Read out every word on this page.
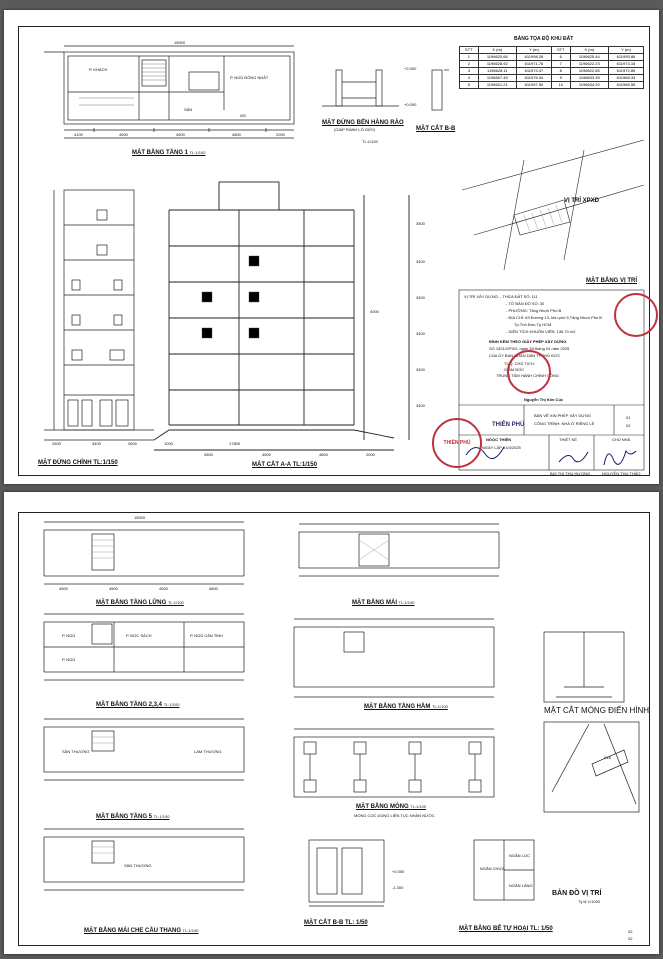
18300
P. KHÁCH
P. NGỦ ĐÔNG NHẤT
SÂN
WC
4100	4500	4500	4800	2000
MẶT BẰNG TẦNG 1 TL:1/100
+2.000
+0.000
MẶT ĐỨNG BẾN HÀNG RÀO
(GIÁP RANH LỘ GIỚI)
TL:1/100
MẶT CẮT B-B
3500
3400
3400
3400
3400
3400
4000
1000	17800
4500	4500	4800	2000
2600	3400	2600
MẶT ĐỨNG CHÍNH TL:1/150	MẶT CẮT A-A TL:1/150
BẢNG TỌA ĐỘ KHU ĐẤT
STT	X (m)	Y (m)	STT	X (m)	Y (m)
1	1196620.66	611998.28	6	1196625.44	611995.86
2	1196628.92	611971.76	7	1196622.23	611973.18
3	1196628.11	611974.47	8	1196622.65	611972.85
4	1196657.49	611976.54	9	1196633.39	611968.33
5	1196621.21	611997.50	10	1196634.20	611966.55
VỊ TRÍ XPXD
MẶT BẰNG VỊ TRÍ
VỊ TRÍ XÂY DỰNG: - THỬA ĐẤT SỐ: 111
- TỜ BẢN ĐỒ SỐ: 30
- PHƯỜNG: Tăng Nhơn Phú B
- ĐỊA CHỈ: 63 Đường 13, khu phố 5,Tăng Nhơn Phú B
Tp.Thủ Đức,Tp.HCM
- DIỆN TÍCH KHUÔN VIÊN: 136.70 m2
ĐÍNH KÈM THEO GIẤY PHÉP XÂY DỰNG
SỐ 1521/GPXD, ngày 28 tháng 04 năm 2025
CỦA ỦY BAN NHÂN DÂN TP.THỦ ĐỨC
TUQ. CHỦ TỊCH
GIÁM ĐỐC
TRUNG TÂM HÀNH CHÍNH CÔNG
Nguyễn Thị Kim Cúc
THIÊN PHÚ
BẢN VẼ XIN PHÉP XÂY DỰNG
CÔNG TRÌNH: NHÀ Ở RIÊNG LẺ
01
02
THIẾT KẾ	CHỦ NHÀ
BÙI THỊ THU HƯƠNG	NGUYỄN THU THẢO
NGỌC THIỆN
NGÀY LẬP 01/4/2025
THIÊN PHÚ
18300
4500	4500	4500	4800
MẶT BẰNG TẦNG LỬNG TL:1/100
MẶT BẰNG TẦNG 2,3,4 TL:1/100
MẶT BẰNG TẦNG 5 TL:1/100
MẶT BẰNG MÁI CHE CẦU THANG TL:1/100
MẶT BẰNG MÁI TL:1/100
MẶT BẰNG TẦNG HẦM TL:1/100
MẶT BẰNG MÓNG TL:1/100
MÓNG CỌC DÙNG LIÊN TỤC NHÂN NƯỚC
MẶT CẮT MÓNG ĐIỂN HÌNH
BẢN ĐỒ VỊ TRÍ
Tỷ lệ 1/1000
01A
P. NGỦ	P. ĐỌC SÁCH	P. NGỦ CÁN TINH
P. NGỦ
SÂN THƯỢNG	LÀM THƯỢNG
SÂN THƯỢNG
MẶT CẮT B-B TL: 1/50
MẶT BẰNG BỂ TỰ HOẠI TL: 1/50
NGĂN CHỨA
NGĂN LỌC
NGĂN LẮNG
-1.300
+0.000
02
02
